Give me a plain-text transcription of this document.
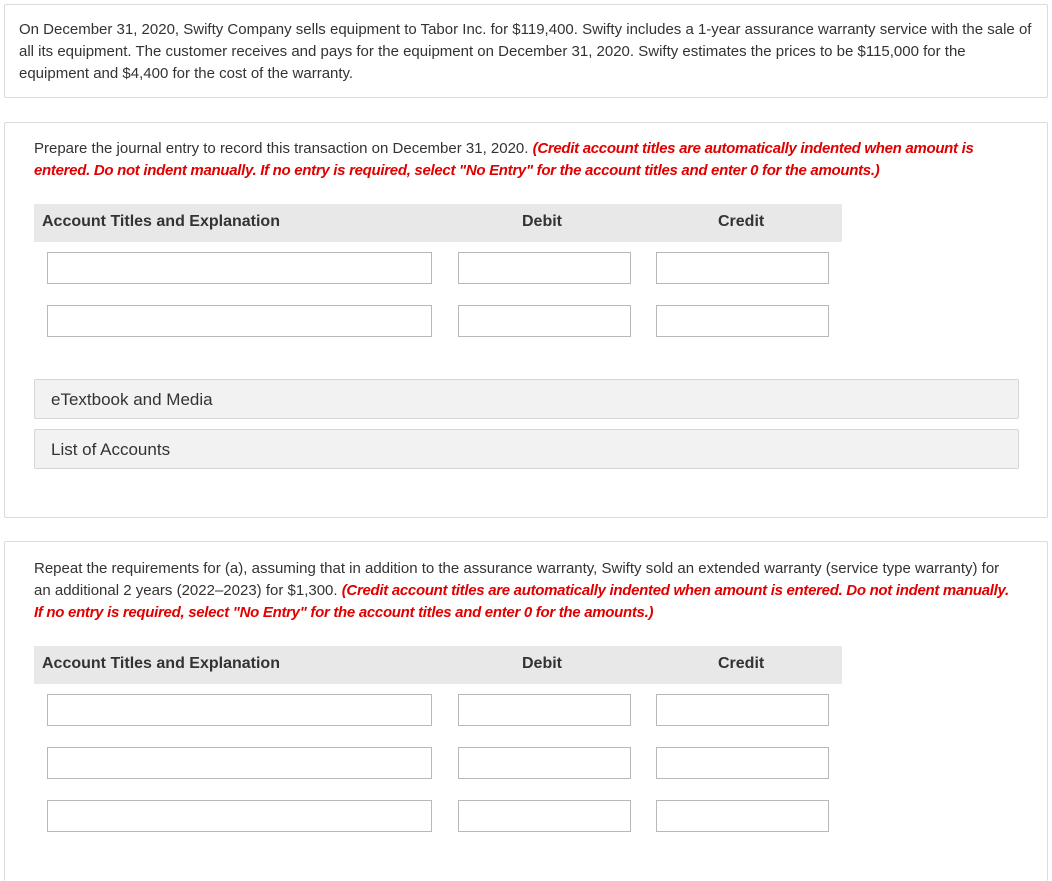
On December 31, 2020, Swifty Company sells equipment to Tabor Inc. for $119,400. Swifty includes a 1-year assurance warranty service with the sale of all its equipment. The customer receives and pays for the equipment on December 31, 2020. Swifty estimates the prices to be $115,000 for the equipment and $4,400 for the cost of the warranty.
Prepare the journal entry to record this transaction on December 31, 2020. (Credit account titles are automatically indented when amount is entered. Do not indent manually. If no entry is required, select "No Entry" for the account titles and enter 0 for the amounts.)
Account Titles and Explanation	Debit	Credit
eTextbook and Media
List of Accounts
Repeat the requirements for (a), assuming that in addition to the assurance warranty, Swifty sold an extended warranty (service type warranty) for an additional 2 years (2022–2023) for $1,300. (Credit account titles are automatically indented when amount is entered. Do not indent manually. If no entry is required, select "No Entry" for the account titles and enter 0 for the amounts.)
Account Titles and Explanation	Debit	Credit
